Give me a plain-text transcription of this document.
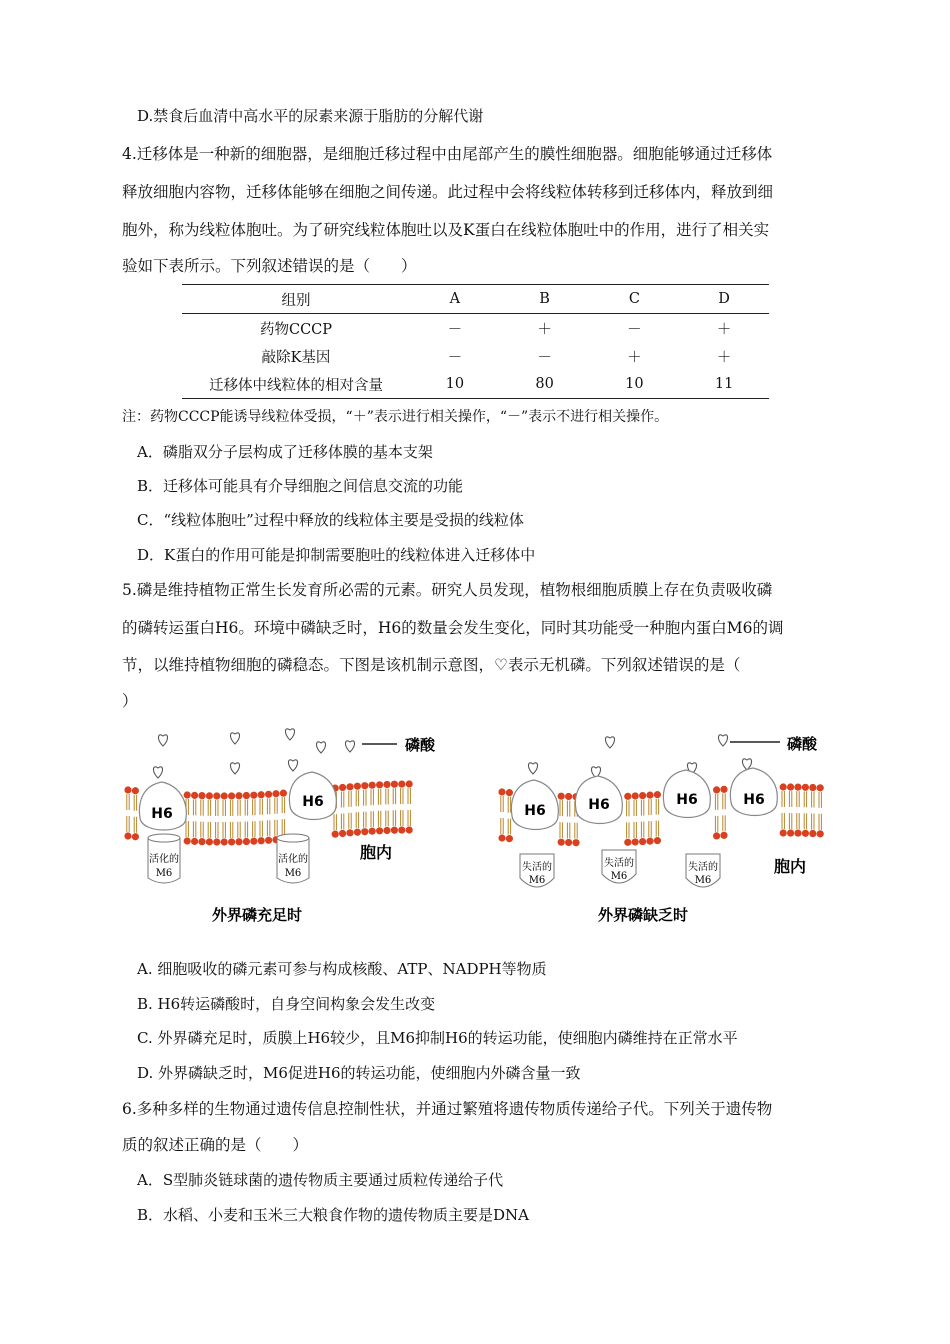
D.禁食后血清中高水平的尿素来源于脂肪的分解代谢
4.迁移体是一种新的细胞器，是细胞迁移过程中由尾部产生的膜性细胞器。细胞能够通过迁移体
释放细胞内容物，迁移体能够在细胞之间传递。此过程中会将线粒体转移到迁移体内，释放到细
胞外，称为线粒体胞吐。为了研究线粒体胞吐以及K蛋白在线粒体胞吐中的作用，进行了相关实
验如下表所示。下列叙述错误的是（　　）
组别	A	B	C	D
药物CCCP	－	＋	－	＋
敲除K基因	－	－	＋	＋
迁移体中线粒体的相对含量	10	80	10	11
注：药物CCCP能诱导线粒体受损，“＋”表示进行相关操作，“－”表示不进行相关操作。
A．磷脂双分子层构成了迁移体膜的基本支架
B．迁移体可能具有介导细胞之间信息交流的功能
C．“线粒体胞吐”过程中释放的线粒体主要是受损的线粒体
D．K蛋白的作用可能是抑制需要胞吐的线粒体进入迁移体中
5.磷是维持植物正常生长发育所必需的元素。研究人员发现，植物根细胞质膜上存在负责吸收磷
的磷转运蛋白H6。环境中磷缺乏时，H6的数量会发生变化，同时其功能受一种胞内蛋白M6的调
节，以维持植物细胞的磷稳态。下图是该机制示意图，♡表示无机磷。下列叙述错误的是（
）
磷酸
H6
H6
活化的
M6
活化的
M6
胞内
外界磷充足时
磷酸
H6	H6	H6	H6
失活的
M6
失活的
M6
失活的
M6
胞内
外界磷缺乏时
A. 细胞吸收的磷元素可参与构成核酸、ATP、NADPH等物质
B. H6转运磷酸时，自身空间构象会发生改变
C. 外界磷充足时，质膜上H6较少，且M6抑制H6的转运功能，使细胞内磷维持在正常水平
D. 外界磷缺乏时，M6促进H6的转运功能，使细胞内外磷含量一致
6.多种多样的生物通过遗传信息控制性状，并通过繁殖将遗传物质传递给子代。下列关于遗传物
质的叙述正确的是（　　）
A．S型肺炎链球菌的遗传物质主要通过质粒传递给子代
B．水稻、小麦和玉米三大粮食作物的遗传物质主要是DNA
